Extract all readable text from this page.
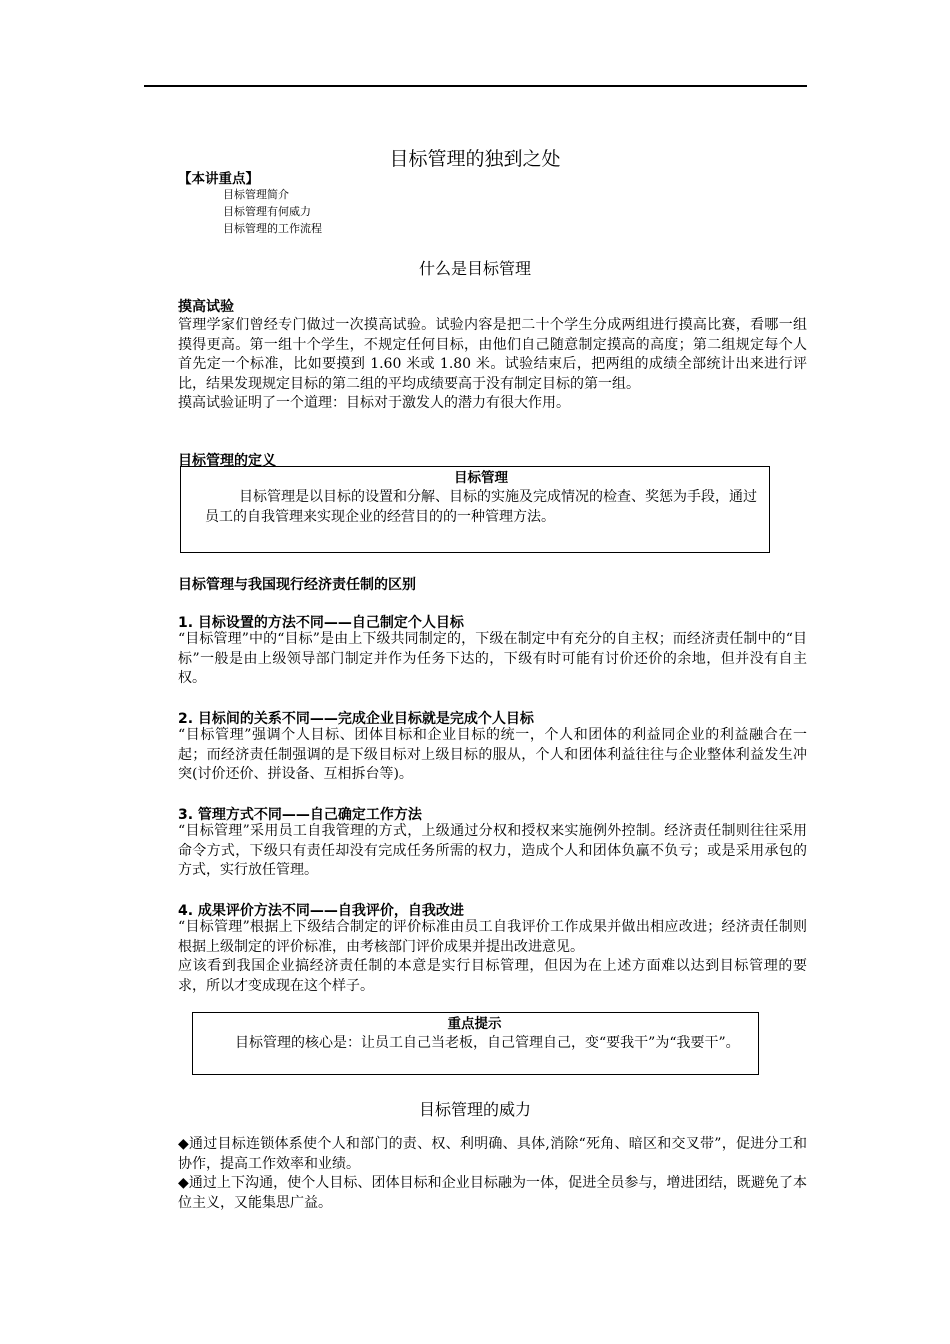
目标管理的独到之处
【本讲重点】
目标管理简介
目标管理有何威力
目标管理的工作流程
什么是目标管理
摸高试验
管理学家们曾经专门做过一次摸高试验。试验内容是把二十个学生分成两组进行摸高比赛，看哪一组摸得更高。第一组十个学生，不规定任何目标，由他们自己随意制定摸高的高度；第二组规定每个人首先定一个标准，比如要摸到 1.60 米或 1.80 米。试验结束后，把两组的成绩全部统计出来进行评比，结果发现规定目标的第二组的平均成绩要高于没有制定目标的第一组。
摸高试验证明了一个道理：目标对于激发人的潜力有很大作用。
目标管理的定义
目标管理
目标管理是以目标的设置和分解、目标的实施及完成情况的检查、奖惩为手段，通过员工的自我管理来实现企业的经营目的的一种管理方法。
目标管理与我国现行经济责任制的区别
1. 目标设置的方法不同——自己制定个人目标
“目标管理”中的“目标”是由上下级共同制定的，下级在制定中有充分的自主权；而经济责任制中的“目标”一般是由上级领导部门制定并作为任务下达的，下级有时可能有讨价还价的余地，但并没有自主权。
2. 目标间的关系不同——完成企业目标就是完成个人目标
“目标管理”强调个人目标、团体目标和企业目标的统一，个人和团体的利益同企业的利益融合在一起；而经济责任制强调的是下级目标对上级目标的服从，个人和团体利益往往与企业整体利益发生冲突(讨价还价、拼设备、互相拆台等)。
3. 管理方式不同——自己确定工作方法
“目标管理”采用员工自我管理的方式，上级通过分权和授权来实施例外控制。经济责任制则往往采用命令方式，下级只有责任却没有完成任务所需的权力，造成个人和团体负赢不负亏；或是采用承包的方式，实行放任管理。
4. 成果评价方法不同——自我评价，自我改进
“目标管理”根据上下级结合制定的评价标准由员工自我评价工作成果并做出相应改进；经济责任制则根据上级制定的评价标准，由考核部门评价成果并提出改进意见。
应该看到我国企业搞经济责任制的本意是实行目标管理，但因为在上述方面难以达到目标管理的要求，所以才变成现在这个样子。
重点提示
目标管理的核心是：让员工自己当老板，自己管理自己，变“要我干”为“我要干”。
目标管理的威力
◆通过目标连锁体系使个人和部门的责、权、利明确、具体,消除“死角、暗区和交叉带”，促进分工和协作，提高工作效率和业绩。
◆通过上下沟通，使个人目标、团体目标和企业目标融为一体，促进全员参与，增进团结，既避免了本位主义，又能集思广益。
